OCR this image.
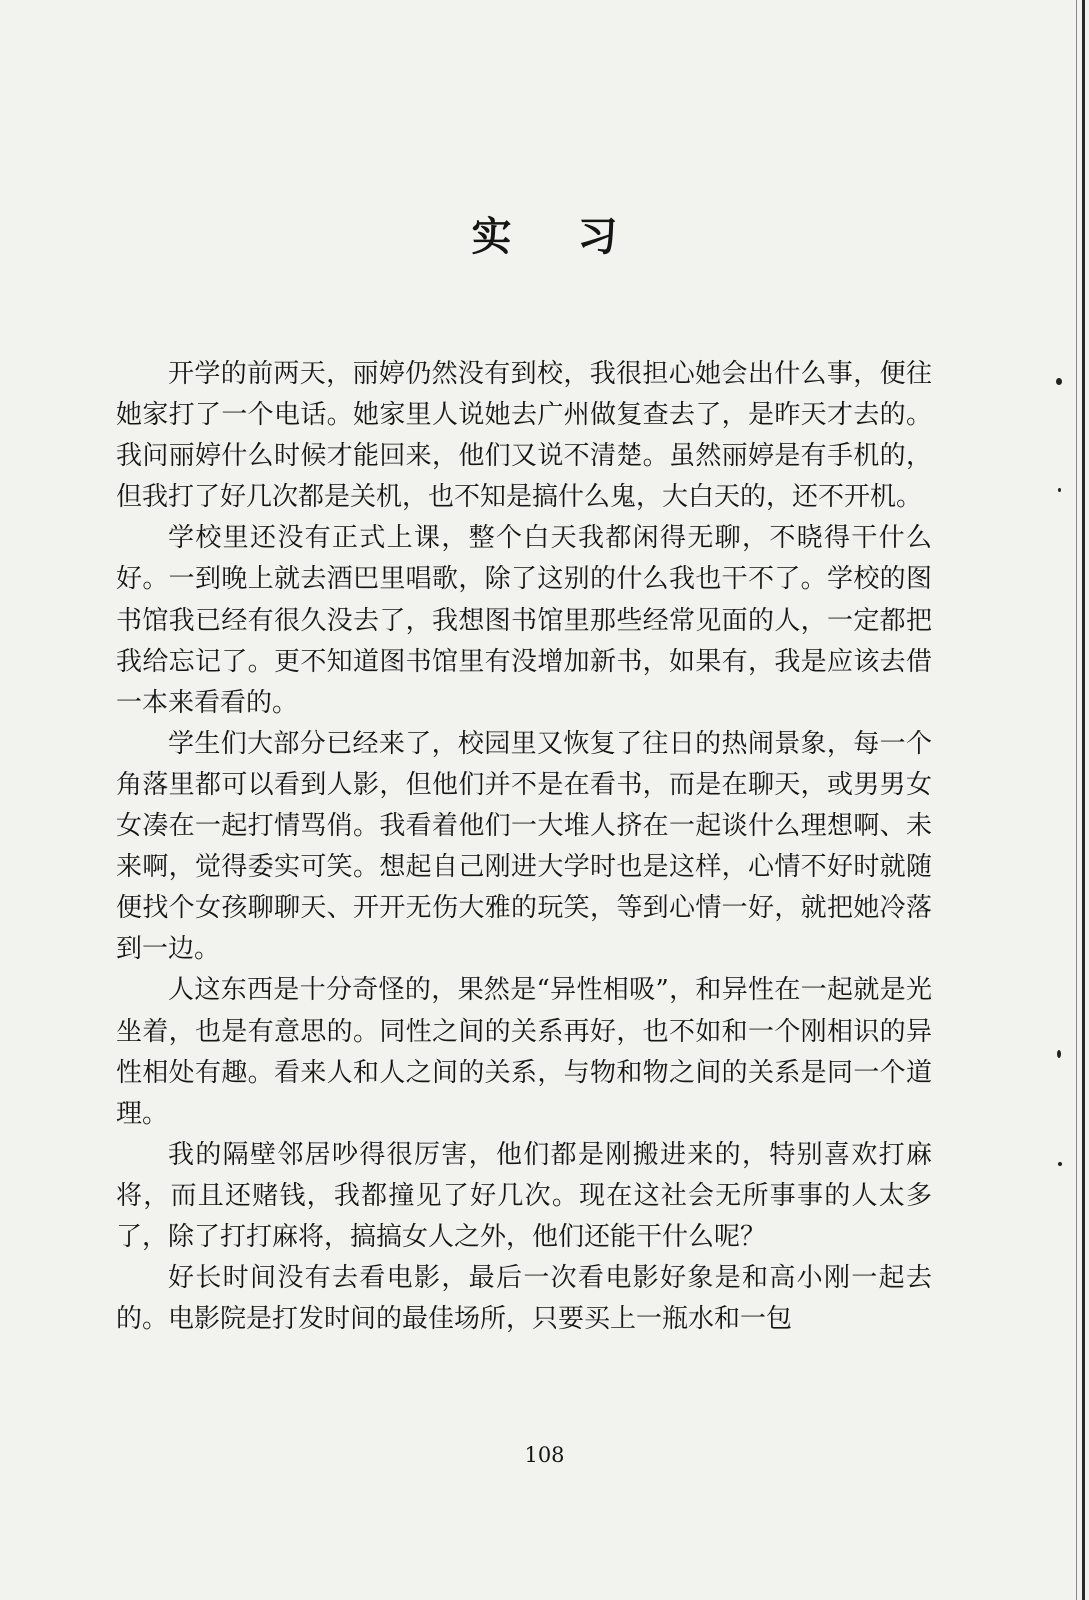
实 习

开学的前两天，丽婷仍然没有到校，我很担心她会出什么事，便往她家打了一个电话。她家里人说她去广州做复查去了，是昨天才去的。我问丽婷什么时候才能回来，他们又说不清楚。虽然丽婷是有手机的，但我打了好几次都是关机，也不知是搞什么鬼，大白天的，还不开机。

学校里还没有正式上课，整个白天我都闲得无聊，不晓得干什么好。一到晚上就去酒巴里唱歌，除了这别的什么我也干不了。学校的图书馆我已经有很久没去了，我想图书馆里那些经常见面的人，一定都把我给忘记了。更不知道图书馆里有没增加新书，如果有，我是应该去借一本来看看的。

学生们大部分已经来了，校园里又恢复了往日的热闹景象，每一个角落里都可以看到人影，但他们并不是在看书，而是在聊天，或男男女女凑在一起打情骂俏。我看着他们一大堆人挤在一起谈什么理想啊、未来啊，觉得委实可笑。想起自己刚进大学时也是这样，心情不好时就随便找个女孩聊聊天、开开无伤大雅的玩笑，等到心情一好，就把她冷落到一边。

人这东西是十分奇怪的，果然是“异性相吸”，和异性在一起就是光坐着，也是有意思的。同性之间的关系再好，也不如和一个刚相识的异性相处有趣。看来人和人之间的关系，与物和物之间的关系是同一个道理。

我的隔壁邻居吵得很厉害，他们都是刚搬进来的，特别喜欢打麻将，而且还赌钱，我都撞见了好几次。现在这社会无所事事的人太多了，除了打打麻将，搞搞女人之外，他们还能干什么呢？

好长时间没有去看电影，最后一次看电影好象是和高小刚一起去的。电影院是打发时间的最佳场所，只要买上一瓶水和一包

108
